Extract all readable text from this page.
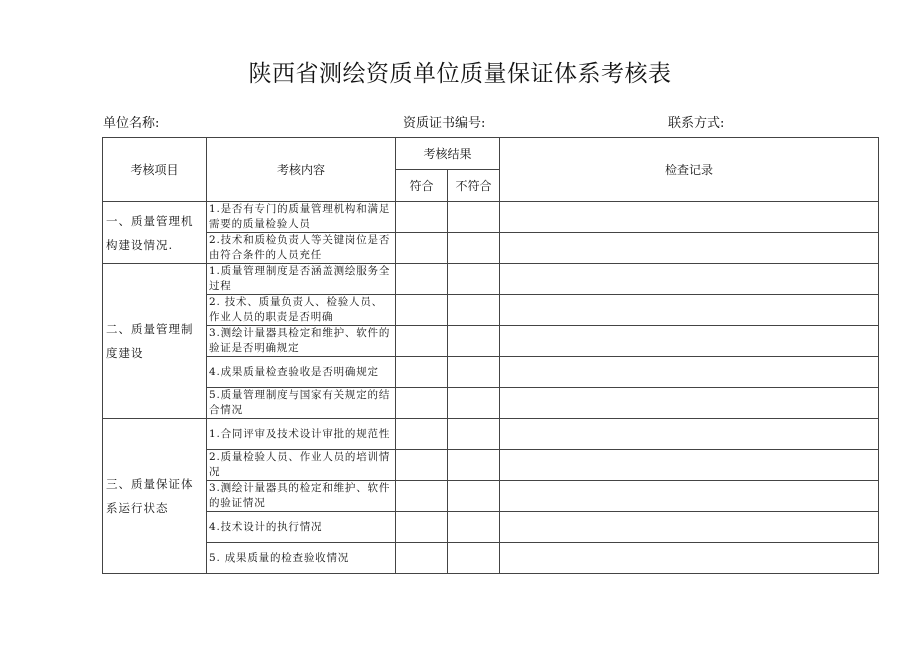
陕西省测绘资质单位质量保证体系考核表
单位名称:	资质证书编号:	联系方式:
考核项目	考核内容	考核结果		检查记录
		符合	不符合	
一、质量管理机构建设情况.	1.是否有专门的质量管理机构和满足需要的质量检验人员			
	2.技术和质检负责人等关键岗位是否由符合条件的人员充任			
二、质量管理制度建设	1.质量管理制度是否涵盖测绘服务全过程			
	2. 技术、质量负责人、检验人员、作业人员的职责是否明确			
	3.测绘计量器具检定和维护、软件的验证是否明确规定			
	4.成果质量检查验收是否明确规定			
	5.质量管理制度与国家有关规定的结合情况			
三、质量保证体系运行状态	1.合同评审及技术设计审批的规范性			
	2.质量检验人员、作业人员的培训情况			
	3.测绘计量器具的检定和维护、软件的验证情况			
	4.技术设计的执行情况			
	5. 成果质量的检查验收情况			
